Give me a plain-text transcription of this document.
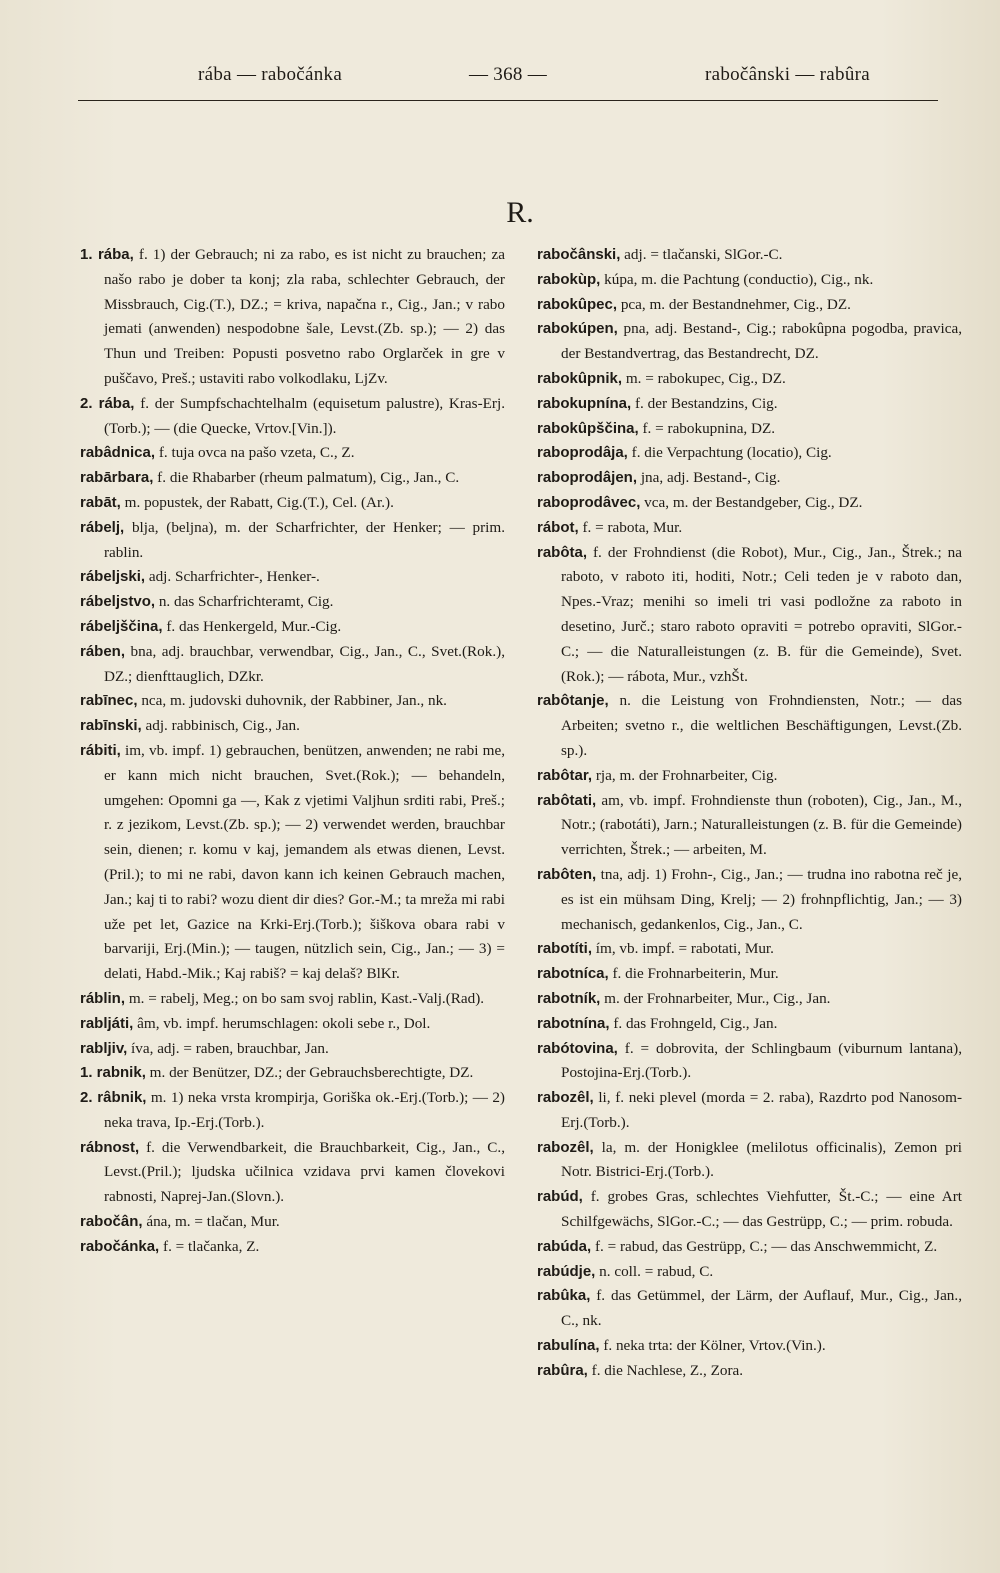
rába — rabočánka	— 368 —	rabočânski — rabûra
R.

1. rába, f. 1) der Gebrauch; ni za rabo, es ist nicht zu brauchen; za našo rabo je dober ta konj; zla raba, schlechter Gebrauch, der Missbrauch, Cig.(T.), DZ.; = kriva, napačna r., Cig., Jan.; v rabo jemati (anwenden) nespodobne šale, Levst.(Zb. sp.); — 2) das Thun und Treiben: Popusti posvetno rabo Orglarček in gre v puščavo, Preš.; ustaviti rabo volkodlaku, LjZv.

2. rába, f. der Sumpfschachtelhalm (equisetum palustre), Kras-Erj.(Torb.); — (die Quecke, Vrtov.[Vin.]).

rabâdnica, f. tuja ovca na pašo vzeta, C., Z.

rabārbara, f. die Rhabarber (rheum palmatum), Cig., Jan., C.

rabāt, m. popustek, der Rabatt, Cig.(T.), Cel. (Ar.).

rábelj, blja, (beljna), m. der Scharfrichter, der Henker; — prim. rablin.

rábeljski, adj. Scharfrichter-, Henker-.

rábeljstvo, n. das Scharfrichteramt, Cig.

rábeljščina, f. das Henkergeld, Mur.-Cig.

ráben, bna, adj. brauchbar, verwendbar, Cig., Jan., C., Svet.(Rok.), DZ.; dienfttauglich, DZkr.

rabīnec, nca, m. judovski duhovnik, der Rabbiner, Jan., nk.

rabīnski, adj. rabbinisch, Cig., Jan.

rábiti, im, vb. impf. 1) gebrauchen, benützen, anwenden; ne rabi me, er kann mich nicht brauchen, Svet.(Rok.); — behandeln, umgehen: Opomni ga —, Kak z vjetimi Valjhun srditi rabi, Preš.; r. z jezikom, Levst.(Zb. sp.); — 2) verwendet werden, brauchbar sein, dienen; r. komu v kaj, jemandem als etwas dienen, Levst.(Pril.); to mi ne rabi, davon kann ich keinen Gebrauch machen, Jan.; kaj ti to rabi? wozu dient dir dies? Gor.-M.; ta mreža mi rabi uže pet let, Gazice na Krki-Erj.(Torb.); šiškova obara rabi v barvariji, Erj.(Min.); — taugen, nützlich sein, Cig., Jan.; — 3) = delati, Habd.-Mik.; Kaj rabiš? = kaj delaš? BlKr.

ráblin, m. = rabelj, Meg.; on bo sam svoj rablin, Kast.-Valj.(Rad).

rabljáti, âm, vb. impf. herumschlagen: okoli sebe r., Dol.

rabljiv, íva, adj. = raben, brauchbar, Jan.

1. rabnik, m. der Benützer, DZ.; der Gebrauchsberechtigte, DZ.

2. râbnik, m. 1) neka vrsta krompirja, Goriška ok.-Erj.(Torb.); — 2) neka trava, Ip.-Erj.(Torb.).

rábnost, f. die Verwendbarkeit, die Brauchbarkeit, Cig., Jan., C., Levst.(Pril.); ljudska učilnica vzidava prvi kamen človekovi rabnosti, Naprej-Jan.(Slovn.).

rabočân, ána, m. = tlačan, Mur.

rabočánka, f. = tlačanka, Z.

rabočânski, adj. = tlačanski, SlGor.-C.

rabokùp, kúpa, m. die Pachtung (conductio), Cig., nk.

rabokûpec, pca, m. der Bestandnehmer, Cig., DZ.

rabokúpen, pna, adj. Bestand-, Cig.; rabokûpna pogodba, pravica, der Bestandvertrag, das Bestandrecht, DZ.

rabokûpnik, m. = rabokupec, Cig., DZ.

rabokupnína, f. der Bestandzins, Cig.

rabokûpščina, f. = rabokupnina, DZ.

raboprodâja, f. die Verpachtung (locatio), Cig.

raboprodâjen, jna, adj. Bestand-, Cig.

raboprodâvec, vca, m. der Bestandgeber, Cig., DZ.

rábot, f. = rabota, Mur.

rabôta, f. der Frohndienst (die Robot), Mur., Cig., Jan., Štrek.; na raboto, v raboto iti, hoditi, Notr.; Celi teden je v raboto dan, Npes.-Vraz; menihi so imeli tri vasi podložne za raboto in desetino, Jurč.; staro raboto opraviti = potrebo opraviti, SlGor.-C.; — die Naturalleistungen (z. B. für die Gemeinde), Svet.(Rok.); — rábota, Mur., vzhŠt.

rabôtanje, n. die Leistung von Frohndiensten, Notr.; — das Arbeiten; svetno r., die weltlichen Beschäftigungen, Levst.(Zb. sp.).

rabôtar, rja, m. der Frohnarbeiter, Cig.

rabôtati, am, vb. impf. Frohndienste thun (roboten), Cig., Jan., M., Notr.; (rabotáti), Jarn.; Naturalleistungen (z. B. für die Gemeinde) verrichten, Štrek.; — arbeiten, M.

rabôten, tna, adj. 1) Frohn-, Cig., Jan.; — trudna ino rabotna reč je, es ist ein mühsam Ding, Krelj; — 2) frohnpflichtig, Jan.; — 3) mechanisch, gedankenlos, Cig., Jan., C.

rabotíti, ím, vb. impf. = rabotati, Mur.

rabotníca, f. die Frohnarbeiterin, Mur.

rabotník, m. der Frohnarbeiter, Mur., Cig., Jan.

rabotnína, f. das Frohngeld, Cig., Jan.

rabótovina, f. = dobrovita, der Schlingbaum (viburnum lantana), Postojina-Erj.(Torb.).

rabozêl, li, f. neki plevel (morda = 2. raba), Razdrto pod Nanosom-Erj.(Torb.).

rabozêl, la, m. der Honigklee (melilotus officinalis), Zemon pri Notr. Bistrici-Erj.(Torb.).

rabúd, f. grobes Gras, schlechtes Viehfutter, Št.-C.; — eine Art Schilfgewächs, SlGor.-C.; — das Gestrüpp, C.; — prim. robuda.

rabúda, f. = rabud, das Gestrüpp, C.; — das Anschwemmicht, Z.

rabúdje, n. coll. = rabud, C.

rabûka, f. das Getümmel, der Lärm, der Auflauf, Mur., Cig., Jan., C., nk.

rabulína, f. neka trta: der Kölner, Vrtov.(Vin.).

rabûra, f. die Nachlese, Z., Zora.
